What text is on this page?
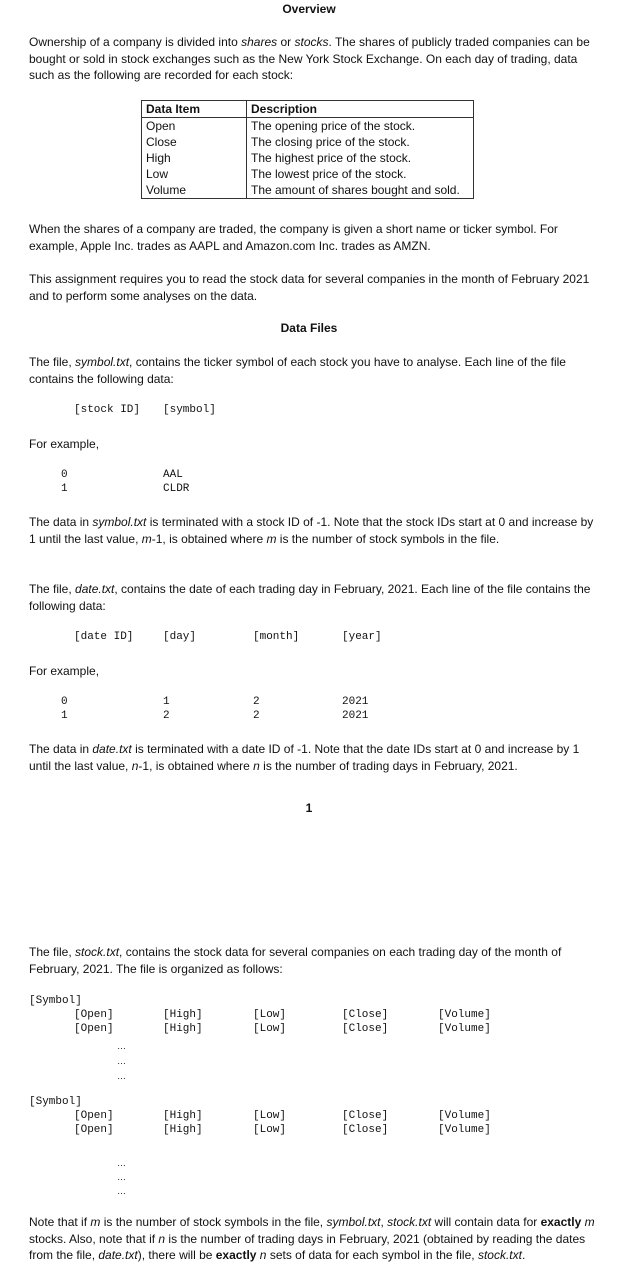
Overview
Ownership of a company is divided into shares or stocks. The shares of publicly traded companies can be bought or sold in stock exchanges such as the New York Stock Exchange. On each day of trading, data such as the following are recorded for each stock:
Data Item	Description
Open	The opening price of the stock.
Close	The closing price of the stock.
High	The highest price of the stock.
Low	The lowest price of the stock.
Volume	The amount of shares bought and sold.
When the shares of a company are traded, the company is given a short name or ticker symbol. For example, Apple Inc. trades as AAPL and Amazon.com Inc. trades as AMZN.
This assignment requires you to read the stock data for several companies in the month of February 2021 and to perform some analyses on the data.
Data Files
The file, symbol.txt, contains the ticker symbol of each stock you have to analyse. Each line of the file contains the following data:
[stock ID] [symbol]
For example,
0	AAL
1	CLDR
The data in symbol.txt is terminated with a stock ID of -1. Note that the stock IDs start at 0 and increase by 1 until the last value, m-1, is obtained where m is the number of stock symbols in the file.
The file, date.txt, contains the date of each trading day in February, 2021. Each line of the file contains the following data:
[date ID]	[day]	[month]	[year]
For example,
0	1	2	2021
1	2	2	2021
The data in date.txt is terminated with a date ID of -1. Note that the date IDs start at 0 and increase by 1 until the last value, n-1, is obtained where n is the number of trading days in February, 2021.
1
The file, stock.txt, contains the stock data for several companies on each trading day of the month of February, 2021. The file is organized as follows:
[Symbol]
[Open]	[High]	[Low]	[Close]	[Volume]
[Open]	[High]	[Low]	[Close]	[Volume]
…
…
…
[Symbol]
[Open]	[High]	[Low]	[Close]	[Volume]
[Open]	[High]	[Low]	[Close]	[Volume]
…
…
…
Note that if m is the number of stock symbols in the file, symbol.txt, stock.txt will contain data for exactly m stocks. Also, note that if n is the number of trading days in February, 2021 (obtained by reading the dates from the file, date.txt), there will be exactly n sets of data for each symbol in the file, stock.txt.
